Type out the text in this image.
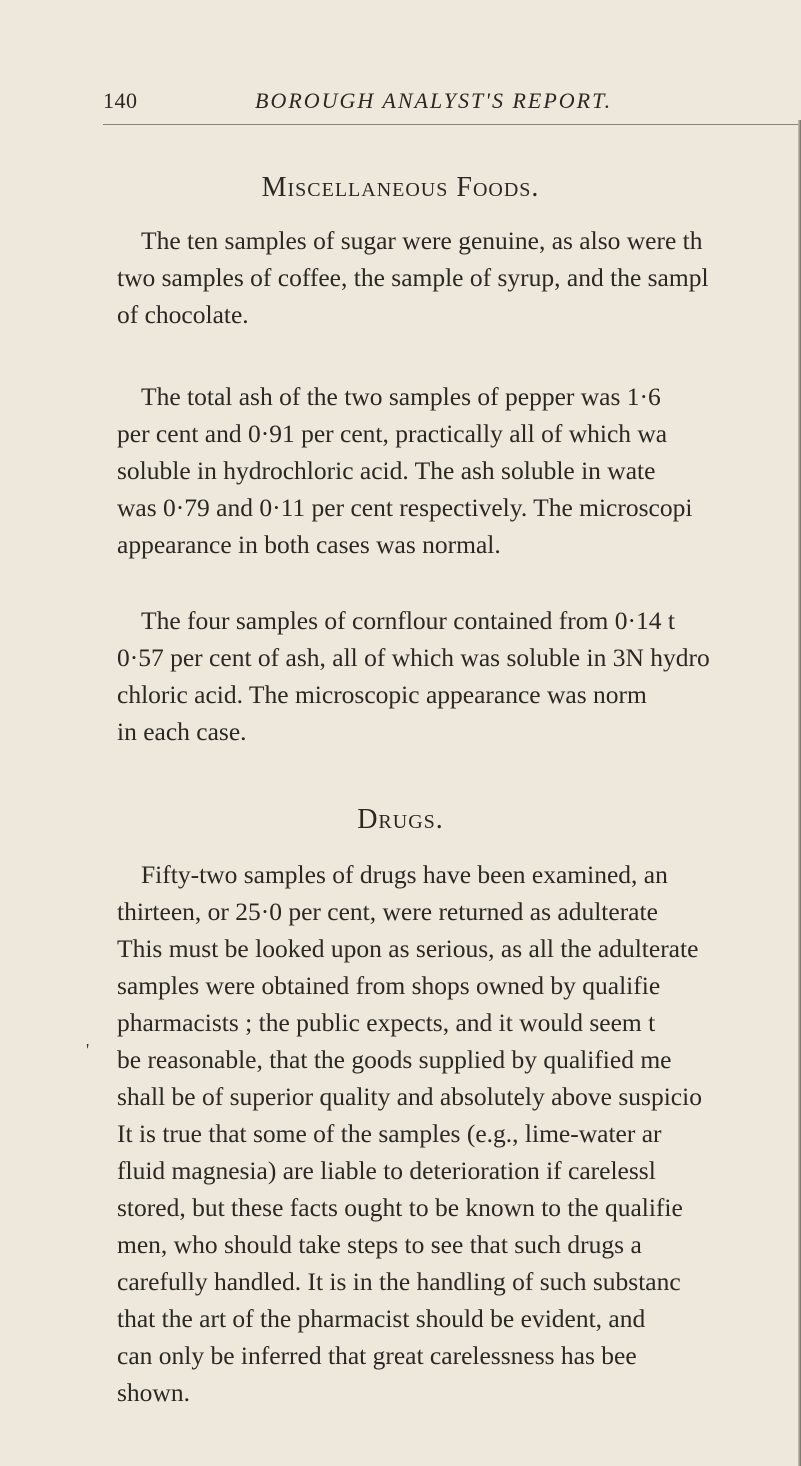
140	BOROUGH ANALYST'S REPORT.
Miscellaneous Foods.
The ten samples of sugar were genuine, as also were th
two samples of coffee, the sample of syrup, and the sampl
of chocolate.
The total ash of the two samples of pepper was 1·6
per cent and 0·91 per cent, practically all of which wa
soluble in hydrochloric acid. The ash soluble in wate
was 0·79 and 0·11 per cent respectively. The microscopi
appearance in both cases was normal.
The four samples of cornflour contained from 0·14 t
0·57 per cent of ash, all of which was soluble in 3N hydro
chloric acid. The microscopic appearance was norm
in each case.
Drugs.
Fifty-two samples of drugs have been examined, an
thirteen, or 25·0 per cent, were returned as adulterate
This must be looked upon as serious, as all the adulterate
samples were obtained from shops owned by qualifie
pharmacists ; the public expects, and it would seem t
be reasonable, that the goods supplied by qualified me
shall be of superior quality and absolutely above suspicio
It is true that some of the samples (e.g., lime-water ar
fluid magnesia) are liable to deterioration if carelessl
stored, but these facts ought to be known to the qualifie
men, who should take steps to see that such drugs a
carefully handled. It is in the handling of such substanc
that the art of the pharmacist should be evident, and
can only be inferred that great carelessness has bee
shown.
'
